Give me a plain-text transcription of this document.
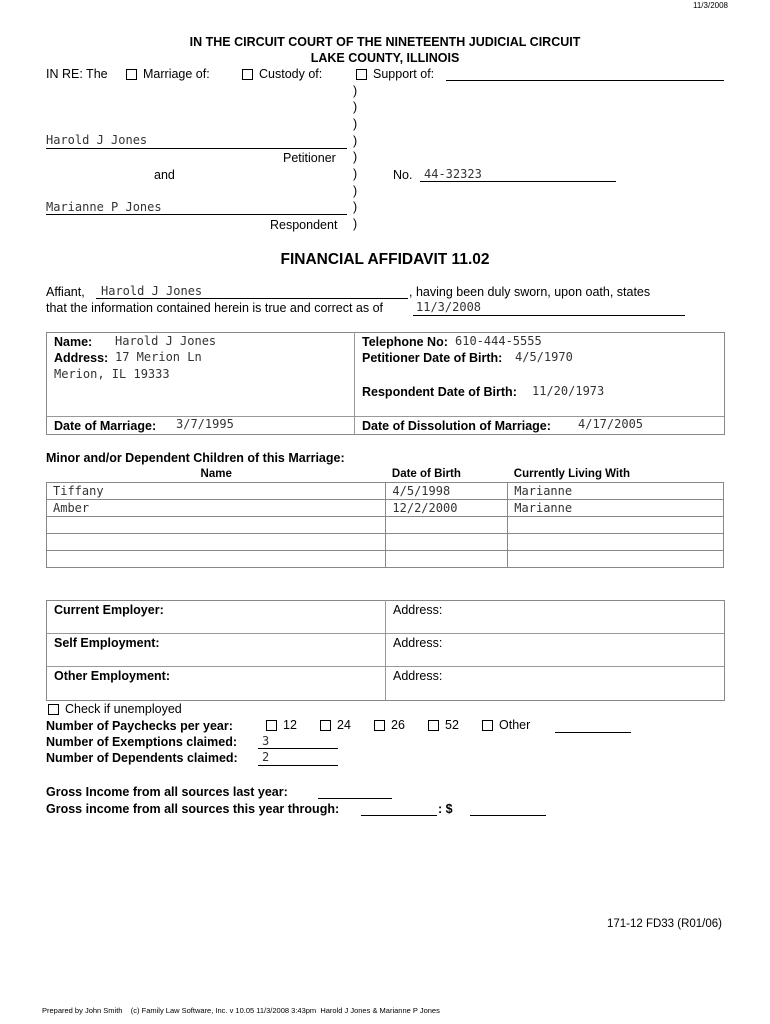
11/3/2008
IN THE CIRCUIT COURT OF THE NINETEENTH JUDICIAL CIRCUIT
LAKE COUNTY, ILLINOIS
IN RE: The	Marriage of:	Custody of:	Support of:
)
)
)
)
)
)
)
)
)
Harold J Jones
Petitioner
and	No. 44-32323
Marianne P Jones
Respondent
FINANCIAL AFFIDAVIT 11.02
Affiant, Harold J Jones	, having been duly sworn, upon oath, states
that the information contained herein is true and correct as of	11/3/2008
Name: Harold J Jones
Address: 17 Merion Ln
Merion, IL 19333
Telephone No: 610-444-5555
Petitioner Date of Birth: 4/5/1970
Respondent Date of Birth: 11/20/1973
Date of Marriage: 3/7/1995	Date of Dissolution of Marriage: 4/17/2005
Minor and/or Dependent Children of this Marriage:
Name	Date of Birth	Currently Living With
Tiffany	4/5/1998	Marianne
Amber	12/2/2000	Marianne

Current Employer:	Address:
Self Employment:	Address:
Other Employment:	Address:
Check if unemployed
Number of Paychecks per year:	12	24	26	52	Other
Number of Exemptions claimed: 3
Number of Dependents claimed: 2
Gross Income from all sources last year:
Gross income from all sources this year through:	: $
171-12 FD33 (R01/06)
Prepared by John Smith    (c) Family Law Software, Inc. v 10.05 11/3/2008 3:43pm  Harold J Jones & Marianne P Jones
